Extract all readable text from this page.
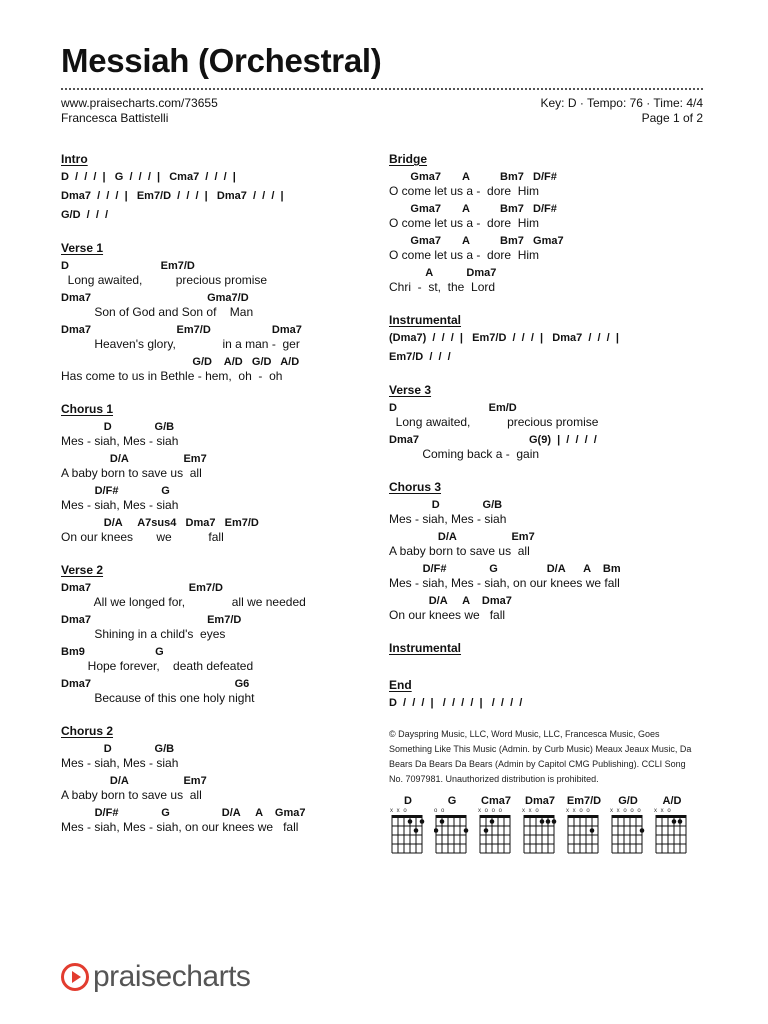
Messiah (Orchestral)
www.praisecharts.com/73655
Francesca Battistelli
Key: D · Tempo: 76 · Time: 4/4
Page 1 of 2
Intro
D  /  /  /  |   G  /  /  /  |   Cma7  /  /  /  |
Dma7  /  /  /  |   Em7/D  /  /  /  |   Dma7  /  /  /  |
G/D  /  /  /
Verse 1
D                              Em7/D
Long awaited,          precious promise
Dma7                                      Gma7/D
Son of God and Son of    Man
Dma7                            Em7/D                    Dma7
Heaven's glory,              in a man -  ger
G/D    A/D   G/D   A/D
Has come to us in Bethle - hem,  oh  -  oh
Chorus 1
D              G/B
Mes - siah, Mes - siah
D/A                  Em7
A baby born to save us  all
D/F#              G
Mes - siah, Mes - siah
D/A     A7sus4   Dma7   Em7/D
On our knees       we           fall
Verse 2
Dma7                                Em7/D
All we longed for,              all we needed
Dma7                                      Em7/D
Shining in a child's  eyes
Bm9                       G
Hope forever,    death defeated
Dma7                                               G6
Because of this one holy night
Chorus 2
D              G/B
Mes - siah, Mes - siah
D/A                  Em7
A baby born to save us  all
D/F#              G                 D/A     A    Gma7
Mes - siah, Mes - siah, on our knees we   fall
Bridge
Gma7       A          Bm7   D/F#
O come let us a -  dore  Him
Gma7       A          Bm7   D/F#
O come let us a -  dore  Him
Gma7       A          Bm7   Gma7
O come let us a -  dore  Him
A           Dma7
Chri  -  st,  the  Lord
Instrumental
(Dma7)  /  /  /  |   Em7/D  /  /  /  |   Dma7  /  /  /  |
Em7/D  /  /  /
Verse 3
D                              Em/D
Long awaited,           precious promise
Dma7                                    G(9)  |  /  /  /  /
Coming back a -  gain
Chorus 3
D              G/B
Mes - siah, Mes - siah
D/A                  Em7
A baby born to save us  all
D/F#              G                D/A      A    Bm
Mes - siah, Mes - siah, on our knees we fall
D/A     A    Dma7
On our knees we   fall
Instrumental
End
D  /  /  /  |   /  /  /  /  |   /  /  /  /
© Dayspring Music, LLC, Word Music, LLC, Francesca Music, Goes Something Like This Music (Admin. by Curb Music) Meaux Jeaux Music, Da Bears Da Bears Da Bears (Admin by Capitol CMG Publishing). CCLI Song No. 7097981. Unauthorized distribution is prohibited.
D
x x o
G
o o
Cma7
x o o o
Dma7
x x o
Em7/D
x x o o
G/D
x x o o o
A/D
x x o
praisecharts
